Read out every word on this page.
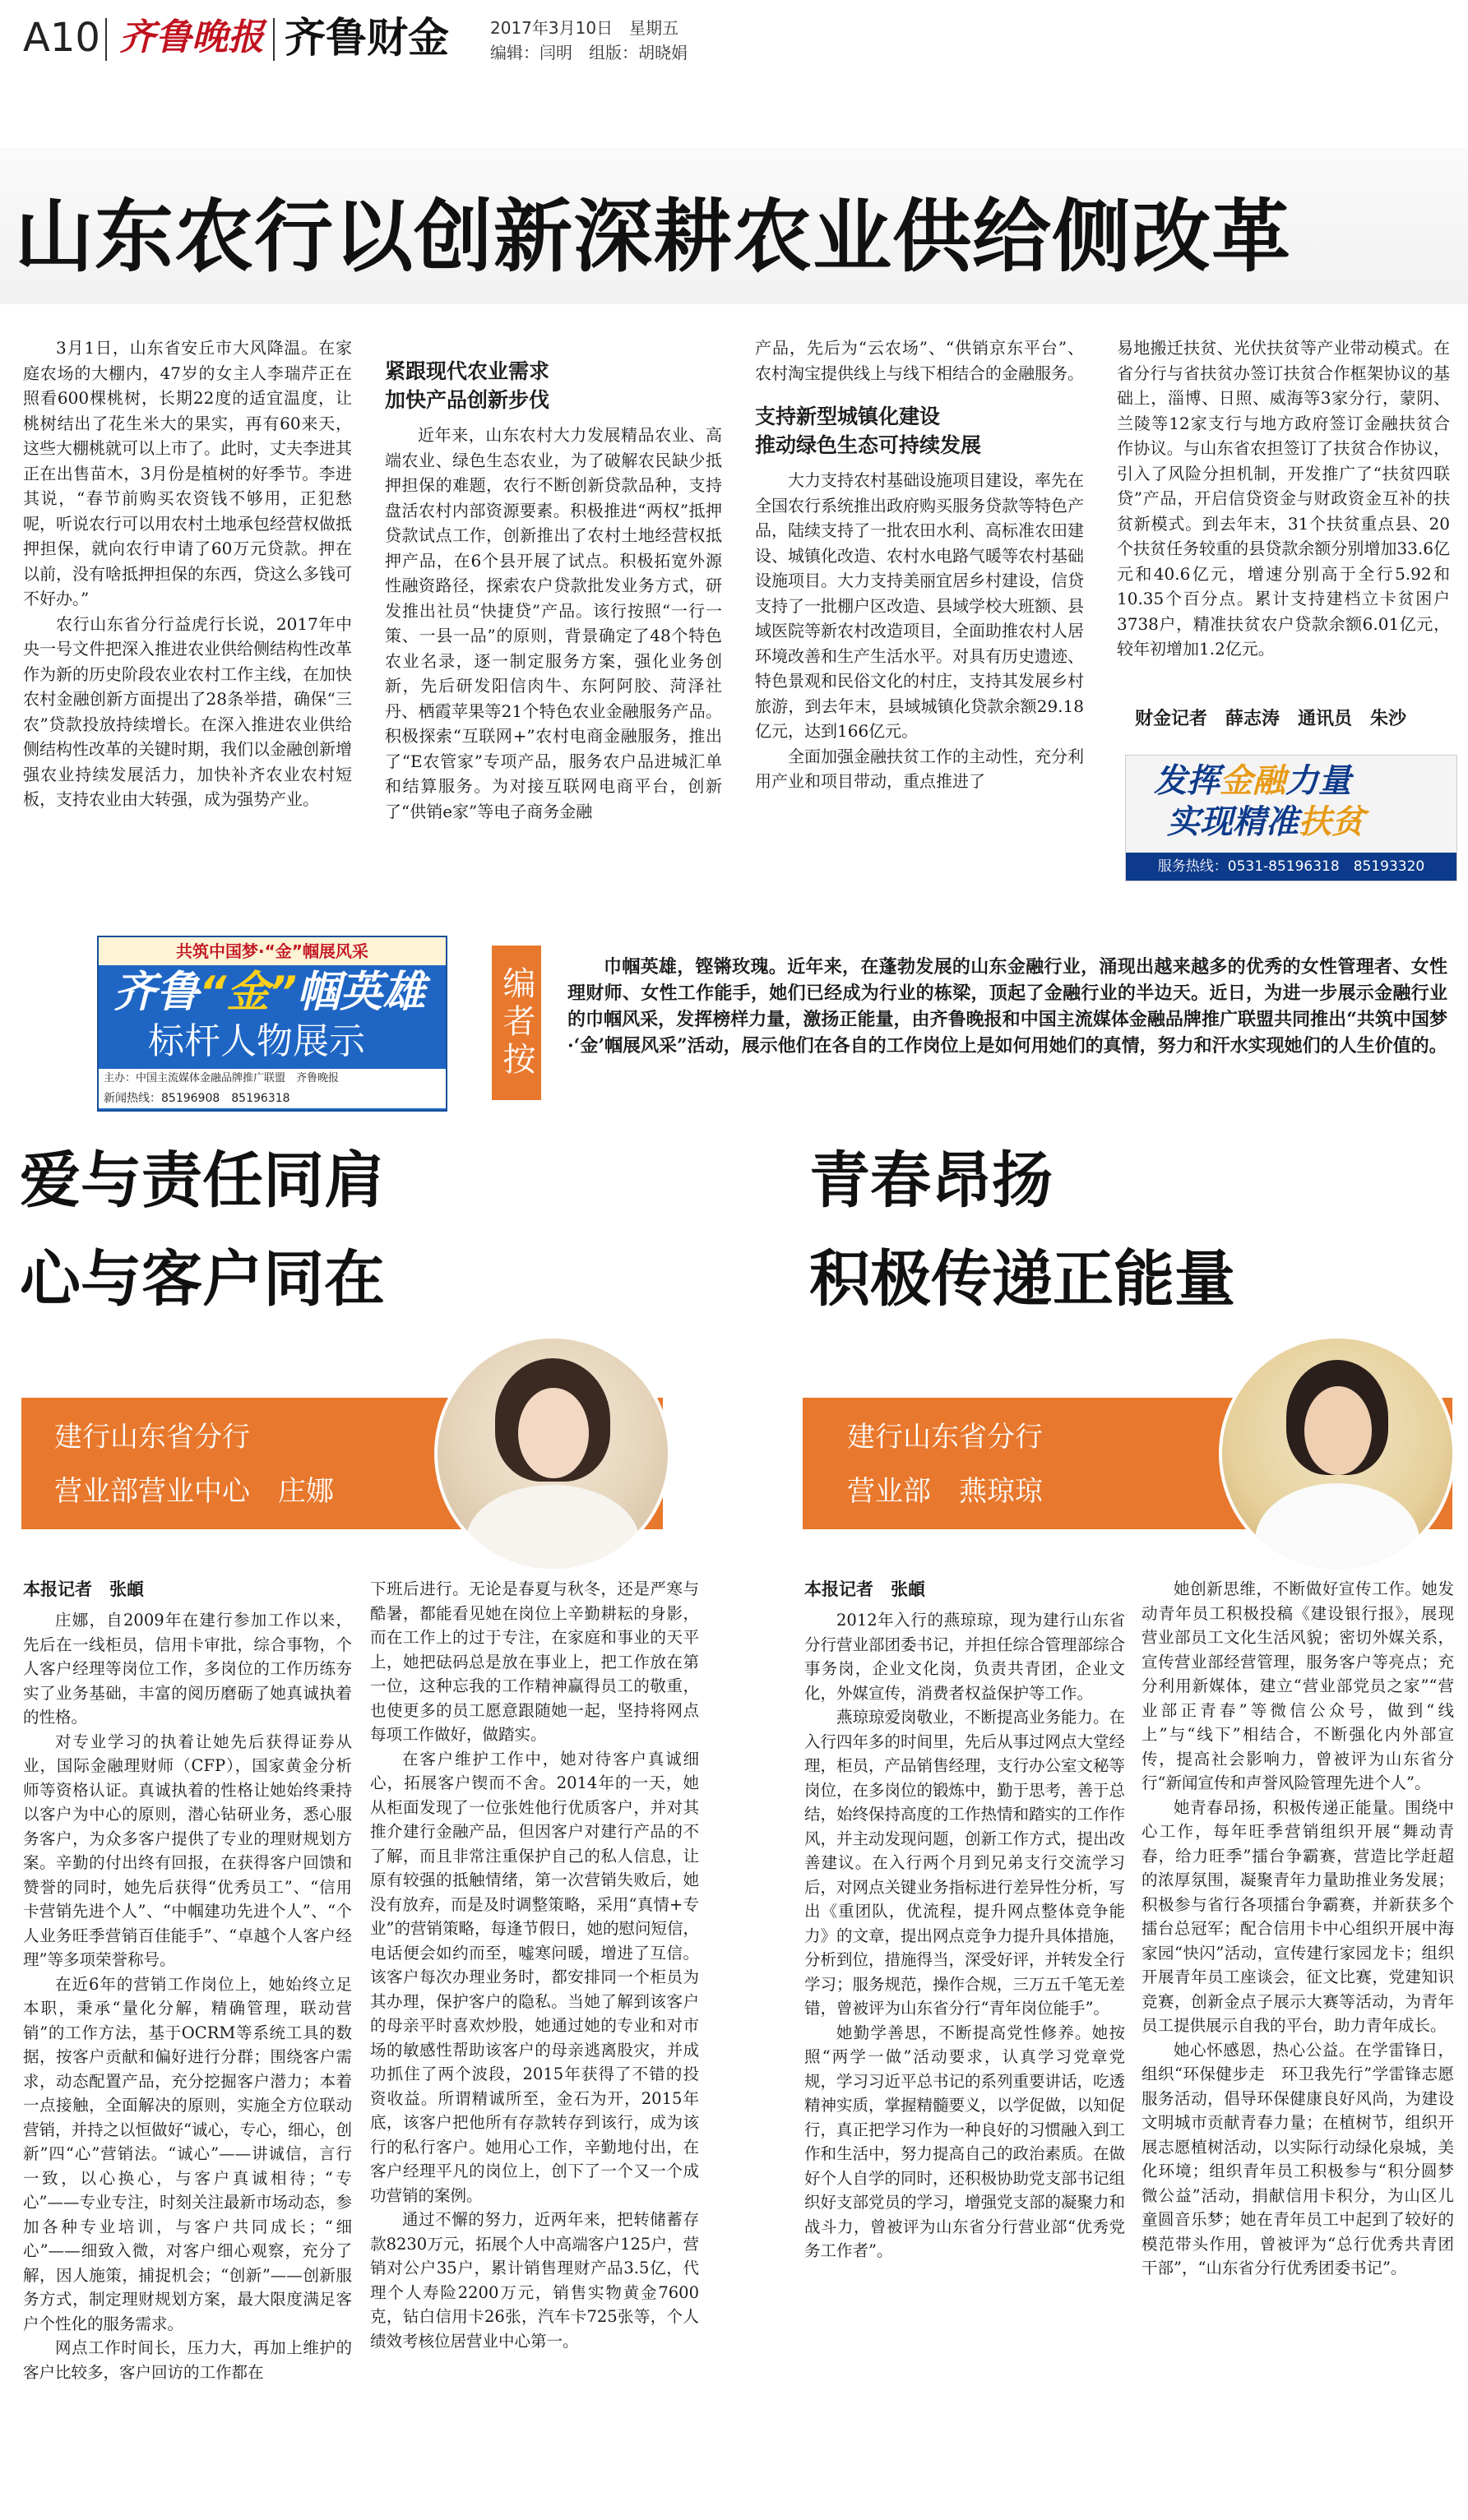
A10 齐鲁晚报 齐鲁财金	2017年3月10日　星期五
编辑：闫明　组版：胡晓娟
山东农行以创新深耕农业供给侧改革

3月1日，山东省安丘市大风降温。在家庭农场的大棚内，47岁的女主人李瑞芹正在照看600棵桃树，长期22度的适宜温度，让桃树结出了花生米大的果实，再有60来天，这些大棚桃就可以上市了。此时，丈夫李进其正在出售苗木，3月份是植树的好季节。李进其说，“春节前购买农资钱不够用，正犯愁呢，听说农行可以用农村土地承包经营权做抵押担保，就向农行申请了60万元贷款。押在以前，没有啥抵押担保的东西，贷这么多钱可不好办。”

农行山东省分行益虎行长说，2017年中央一号文件把深入推进农业供给侧结构性改革作为新的历史阶段农业农村工作主线，在加快农村金融创新方面提出了28条举措，确保“三农”贷款投放持续增长。在深入推进农业供给侧结构性改革的关键时期，我们以金融创新增强农业持续发展活力，加快补齐农业农村短板，支持农业由大转强，成为强势产业。

紧跟现代农业需求
加快产品创新步伐

近年来，山东农村大力发展精品农业、高端农业、绿色生态农业，为了破解农民缺少抵押担保的难题，农行不断创新贷款品种，支持盘活农村内部资源要素。积极推进“两权”抵押贷款试点工作，创新推出了农村土地经营权抵押产品，在6个县开展了试点。积极拓宽外源性融资路径，探索农户贷款批发业务方式，研发推出社员“快捷贷”产品。该行按照“一行一策、一县一品”的原则，背景确定了48个特色农业名录，逐一制定服务方案，强化业务创新，先后研发阳信肉牛、东阿阿胶、菏泽社丹、栖霞苹果等21个特色农业金融服务产品。积极探索“互联网+”农村电商金融服务，推出了“E农管家”专项产品，服务农户品进城汇单和结算服务。为对接互联网电商平台，创新了“供销e家”等电子商务金融

产品，先后为“云农场”、“供销京东平台”、农村淘宝提供线上与线下相结合的金融服务。

支持新型城镇化建设
推动绿色生态可持续发展

大力支持农村基础设施项目建设，率先在全国农行系统推出政府购买服务贷款等特色产品，陆续支持了一批农田水利、高标准农田建设、城镇化改造、农村水电路气暖等农村基础设施项目。大力支持美丽宜居乡村建设，信贷支持了一批棚户区改造、县域学校大班额、县域医院等新农村改造项目，全面助推农村人居环境改善和生产生活水平。对具有历史遗迹、特色景观和民俗文化的村庄，支持其发展乡村旅游，到去年末，县域城镇化贷款余额29.18亿元，达到166亿元。

全面加强金融扶贫工作的主动性，充分利用产业和项目带动，重点推进了

易地搬迁扶贫、光伏扶贫等产业带动模式。在省分行与省扶贫办签订扶贫合作框架协议的基础上，淄博、日照、威海等3家分行，蒙阴、兰陵等12家支行与地方政府签订金融扶贫合作协议。与山东省农担签订了扶贫合作协议，引入了风险分担机制，开发推广了“扶贫四联贷”产品，开启信贷资金与财政资金互补的扶贫新模式。到去年末，31个扶贫重点县、20个扶贫任务较重的县贷款余额分别增加33.6亿元和40.6亿元，增速分别高于全行5.92和10.35个百分点。累计支持建档立卡贫困户3738户，精准扶贫农户贷款余额6.01亿元，较年初增加1.2亿元。

财金记者　薛志涛　通讯员　朱沙
发挥金融力量
实现精准扶贫
服务热线：0531-85196318　85193320
共筑中国梦·“金”帼展风采
齐鲁“金”帼英雄
标杆人物展示
主办：中国主流媒体金融品牌推广联盟　齐鲁晚报
新闻热线：85196908　85196318
编者按	巾帼英雄，铿锵玫瑰。近年来，在蓬勃发展的山东金融行业，涌现出越来越多的优秀的女性管理者、女性理财师、女性工作能手，她们已经成为行业的栋梁，顶起了金融行业的半边天。近日，为进一步展示金融行业的巾帼风采，发挥榜样力量，激扬正能量，由齐鲁晚报和中国主流媒体金融品牌推广联盟共同推出“共筑中国梦·‘金’帼展风采”活动，展示他们在各自的工作岗位上是如何用她们的真情，努力和汗水实现她们的人生价值的。
爱与责任同肩
心与客户同在
建行山东省分行
营业部营业中心　庄娜
本报记者　张頔

庄娜，自2009年在建行参加工作以来，先后在一线柜员，信用卡审批，综合事物，个人客户经理等岗位工作，多岗位的工作历练夯实了业务基础，丰富的阅历磨砺了她真诚执着的性格。

对专业学习的执着让她先后获得证券从业，国际金融理财师（CFP），国家黄金分析师等资格认证。真诚执着的性格让她始终秉持以客户为中心的原则，潜心钻研业务，悉心服务客户，为众多客户提供了专业的理财规划方案。辛勤的付出终有回报，在获得客户回馈和赞誉的同时，她先后获得“优秀员工”、“信用卡营销先进个人”、“中帼建功先进个人”、“个人业务旺季营销百佳能手”、“卓越个人客户经理”等多项荣誉称号。

在近6年的营销工作岗位上，她始终立足本职，秉承“量化分解，精确管理，联动营销”的工作方法，基于OCRM等系统工具的数据，按客户贡献和偏好进行分群；围绕客户需求，动态配置产品，充分挖掘客户潜力；本着一点接触，全面解决的原则，实施全方位联动营销，并持之以恒做好“诚心，专心，细心，创新”四“心”营销法。“诚心”——讲诚信，言行一致，以心换心，与客户真诚相待；“专心”——专业专注，时刻关注最新市场动态，参加各种专业培训，与客户共同成长；“细心”——细致入微，对客户细心观察，充分了解，因人施策，捕捉机会；“创新”——创新服务方式，制定理财规划方案，最大限度满足客户个性化的服务需求。

网点工作时间长，压力大，再加上维护的客户比较多，客户回访的工作都在

下班后进行。无论是春夏与秋冬，还是严寒与酷暑，都能看见她在岗位上辛勤耕耘的身影，而在工作上的过于专注，在家庭和事业的天平上，她把砝码总是放在事业上，把工作放在第一位，这种忘我的工作精神赢得员工的敬重，也使更多的员工愿意跟随她一起，坚持将网点每项工作做好，做踏实。

在客户维护工作中，她对待客户真诚细心，拓展客户锲而不舍。2014年的一天，她从柜面发现了一位张姓他行优质客户，并对其推介建行金融产品，但因客户对建行产品的不了解，而且非常注重保护自己的私人信息，让原有较强的抵触情绪，第一次营销失败后，她没有放弃，而是及时调整策略，采用“真情+专业”的营销策略，每逢节假日，她的慰问短信，电话便会如约而至，嘘寒问暖，增进了互信。该客户每次办理业务时，都安排同一个柜员为其办理，保护客户的隐私。当她了解到该客户的母亲平时喜欢炒股，她通过她的专业和对市场的敏感性帮助该客户的母亲逃离股灾，并成功抓住了两个波段，2015年获得了不错的投资收益。所谓精诚所至，金石为开，2015年底，该客户把他所有存款转存到该行，成为该行的私行客户。她用心工作，辛勤地付出，在客户经理平凡的岗位上，创下了一个又一个成功营销的案例。

通过不懈的努力，近两年来，把转储蓄存款8230万元，拓展个人中高端客户125户，营销对公户35户，累计销售理财产品3.5亿，代理个人寿险2200万元，销售实物黄金7600克，钻白信用卡26张，汽车卡725张等，个人绩效考核位居营业中心第一。

青春昂扬
积极传递正能量
建行山东省分行
营业部　燕琼琼
本报记者　张頔

2012年入行的燕琼琼，现为建行山东省分行营业部团委书记，并担任综合管理部综合事务岗，企业文化岗，负责共青团，企业文化，外媒宣传，消费者权益保护等工作。

燕琼琼爱岗敬业，不断提高业务能力。在入行四年多的时间里，先后从事过网点大堂经理，柜员，产品销售经理，支行办公室文秘等岗位，在多岗位的锻炼中，勤于思考，善于总结，始终保持高度的工作热情和踏实的工作作风，并主动发现问题，创新工作方式，提出改善建议。在入行两个月到兄弟支行交流学习后，对网点关键业务指标进行差异性分析，写出《重团队，优流程，提升网点整体竞争能力》的文章，提出网点竞争力提升具体措施，分析到位，措施得当，深受好评，并转发全行学习；服务规范，操作合规，三万五千笔无差错，曾被评为山东省分行“青年岗位能手”。

她勤学善思，不断提高党性修养。她按照“两学一做”活动要求，认真学习党章党规，学习习近平总书记的系列重要讲话，吃透精神实质，掌握精髓要义，以学促做，以知促行，真正把学习作为一种良好的习惯融入到工作和生活中，努力提高自己的政治素质。在做好个人自学的同时，还积极协助党支部书记组织好支部党员的学习，增强党支部的凝聚力和战斗力，曾被评为山东省分行营业部“优秀党务工作者”。

她创新思维，不断做好宣传工作。她发动青年员工积极投稿《建设银行报》，展现营业部员工文化生活风貌；密切外媒关系，宣传营业部经营管理，服务客户等亮点；充分利用新媒体，建立“营业部党员之家”“营业部正青春”等微信公众号，做到“线上”与“线下”相结合，不断强化内外部宣传，提高社会影响力，曾被评为山东省分行“新闻宣传和声誉风险管理先进个人”。

她青春昂扬，积极传递正能量。围绕中心工作，每年旺季营销组织开展“舞动青春，给力旺季”擂台争霸赛，营造比学赶超的浓厚氛围，凝聚青年力量助推业务发展；积极参与省行各项擂台争霸赛，并新获多个擂台总冠军；配合信用卡中心组织开展中海家园“快闪”活动，宣传建行家园龙卡；组织开展青年员工座谈会，征文比赛，党建知识竞赛，创新金点子展示大赛等活动，为青年员工提供展示自我的平台，助力青年成长。

她心怀感恩，热心公益。在学雷锋日，组织“环保健步走　环卫我先行”学雷锋志愿服务活动，倡导环保健康良好风尚，为建设文明城市贡献青春力量；在植树节，组织开展志愿植树活动，以实际行动绿化泉城，美化环境；组织青年员工积极参与“积分圆梦微公益”活动，捐献信用卡积分，为山区儿童圆音乐梦；她在青年员工中起到了较好的模范带头作用，曾被评为“总行优秀共青团干部”，“山东省分行优秀团委书记”。
